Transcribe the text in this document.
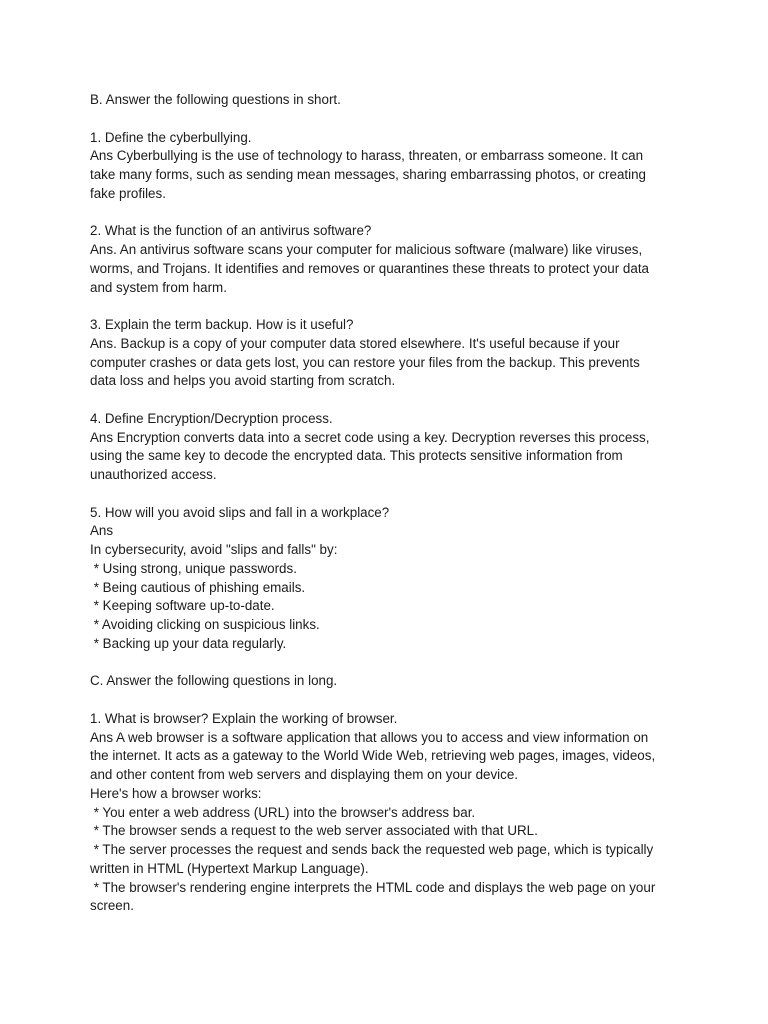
B. Answer the following questions in short.
1. Define the cyberbullying.
Ans Cyberbullying is the use of technology to harass, threaten, or embarrass someone. It can
take many forms, such as sending mean messages, sharing embarrassing photos, or creating
fake profiles.
2. What is the function of an antivirus software?
Ans. An antivirus software scans your computer for malicious software (malware) like viruses,
worms, and Trojans. It identifies and removes or quarantines these threats to protect your data
and system from harm.
3. Explain the term backup. How is it useful?
Ans. Backup is a copy of your computer data stored elsewhere. It's useful because if your
computer crashes or data gets lost, you can restore your files from the backup. This prevents
data loss and helps you avoid starting from scratch.
4. Define Encryption/Decryption process.
Ans Encryption converts data into a secret code using a key. Decryption reverses this process,
using the same key to decode the encrypted data. This protects sensitive information from
unauthorized access.
5. How will you avoid slips and fall in a workplace?
Ans
In cybersecurity, avoid "slips and falls" by:
* Using strong, unique passwords.
* Being cautious of phishing emails.
* Keeping software up-to-date.
* Avoiding clicking on suspicious links.
* Backing up your data regularly.
C. Answer the following questions in long.
1. What is browser? Explain the working of browser.
Ans A web browser is a software application that allows you to access and view information on
the internet. It acts as a gateway to the World Wide Web, retrieving web pages, images, videos,
and other content from web servers and displaying them on your device.
Here's how a browser works:
* You enter a web address (URL) into the browser's address bar.
* The browser sends a request to the web server associated with that URL.
* The server processes the request and sends back the requested web page, which is typically
written in HTML (Hypertext Markup Language).
* The browser's rendering engine interprets the HTML code and displays the web page on your
screen.
